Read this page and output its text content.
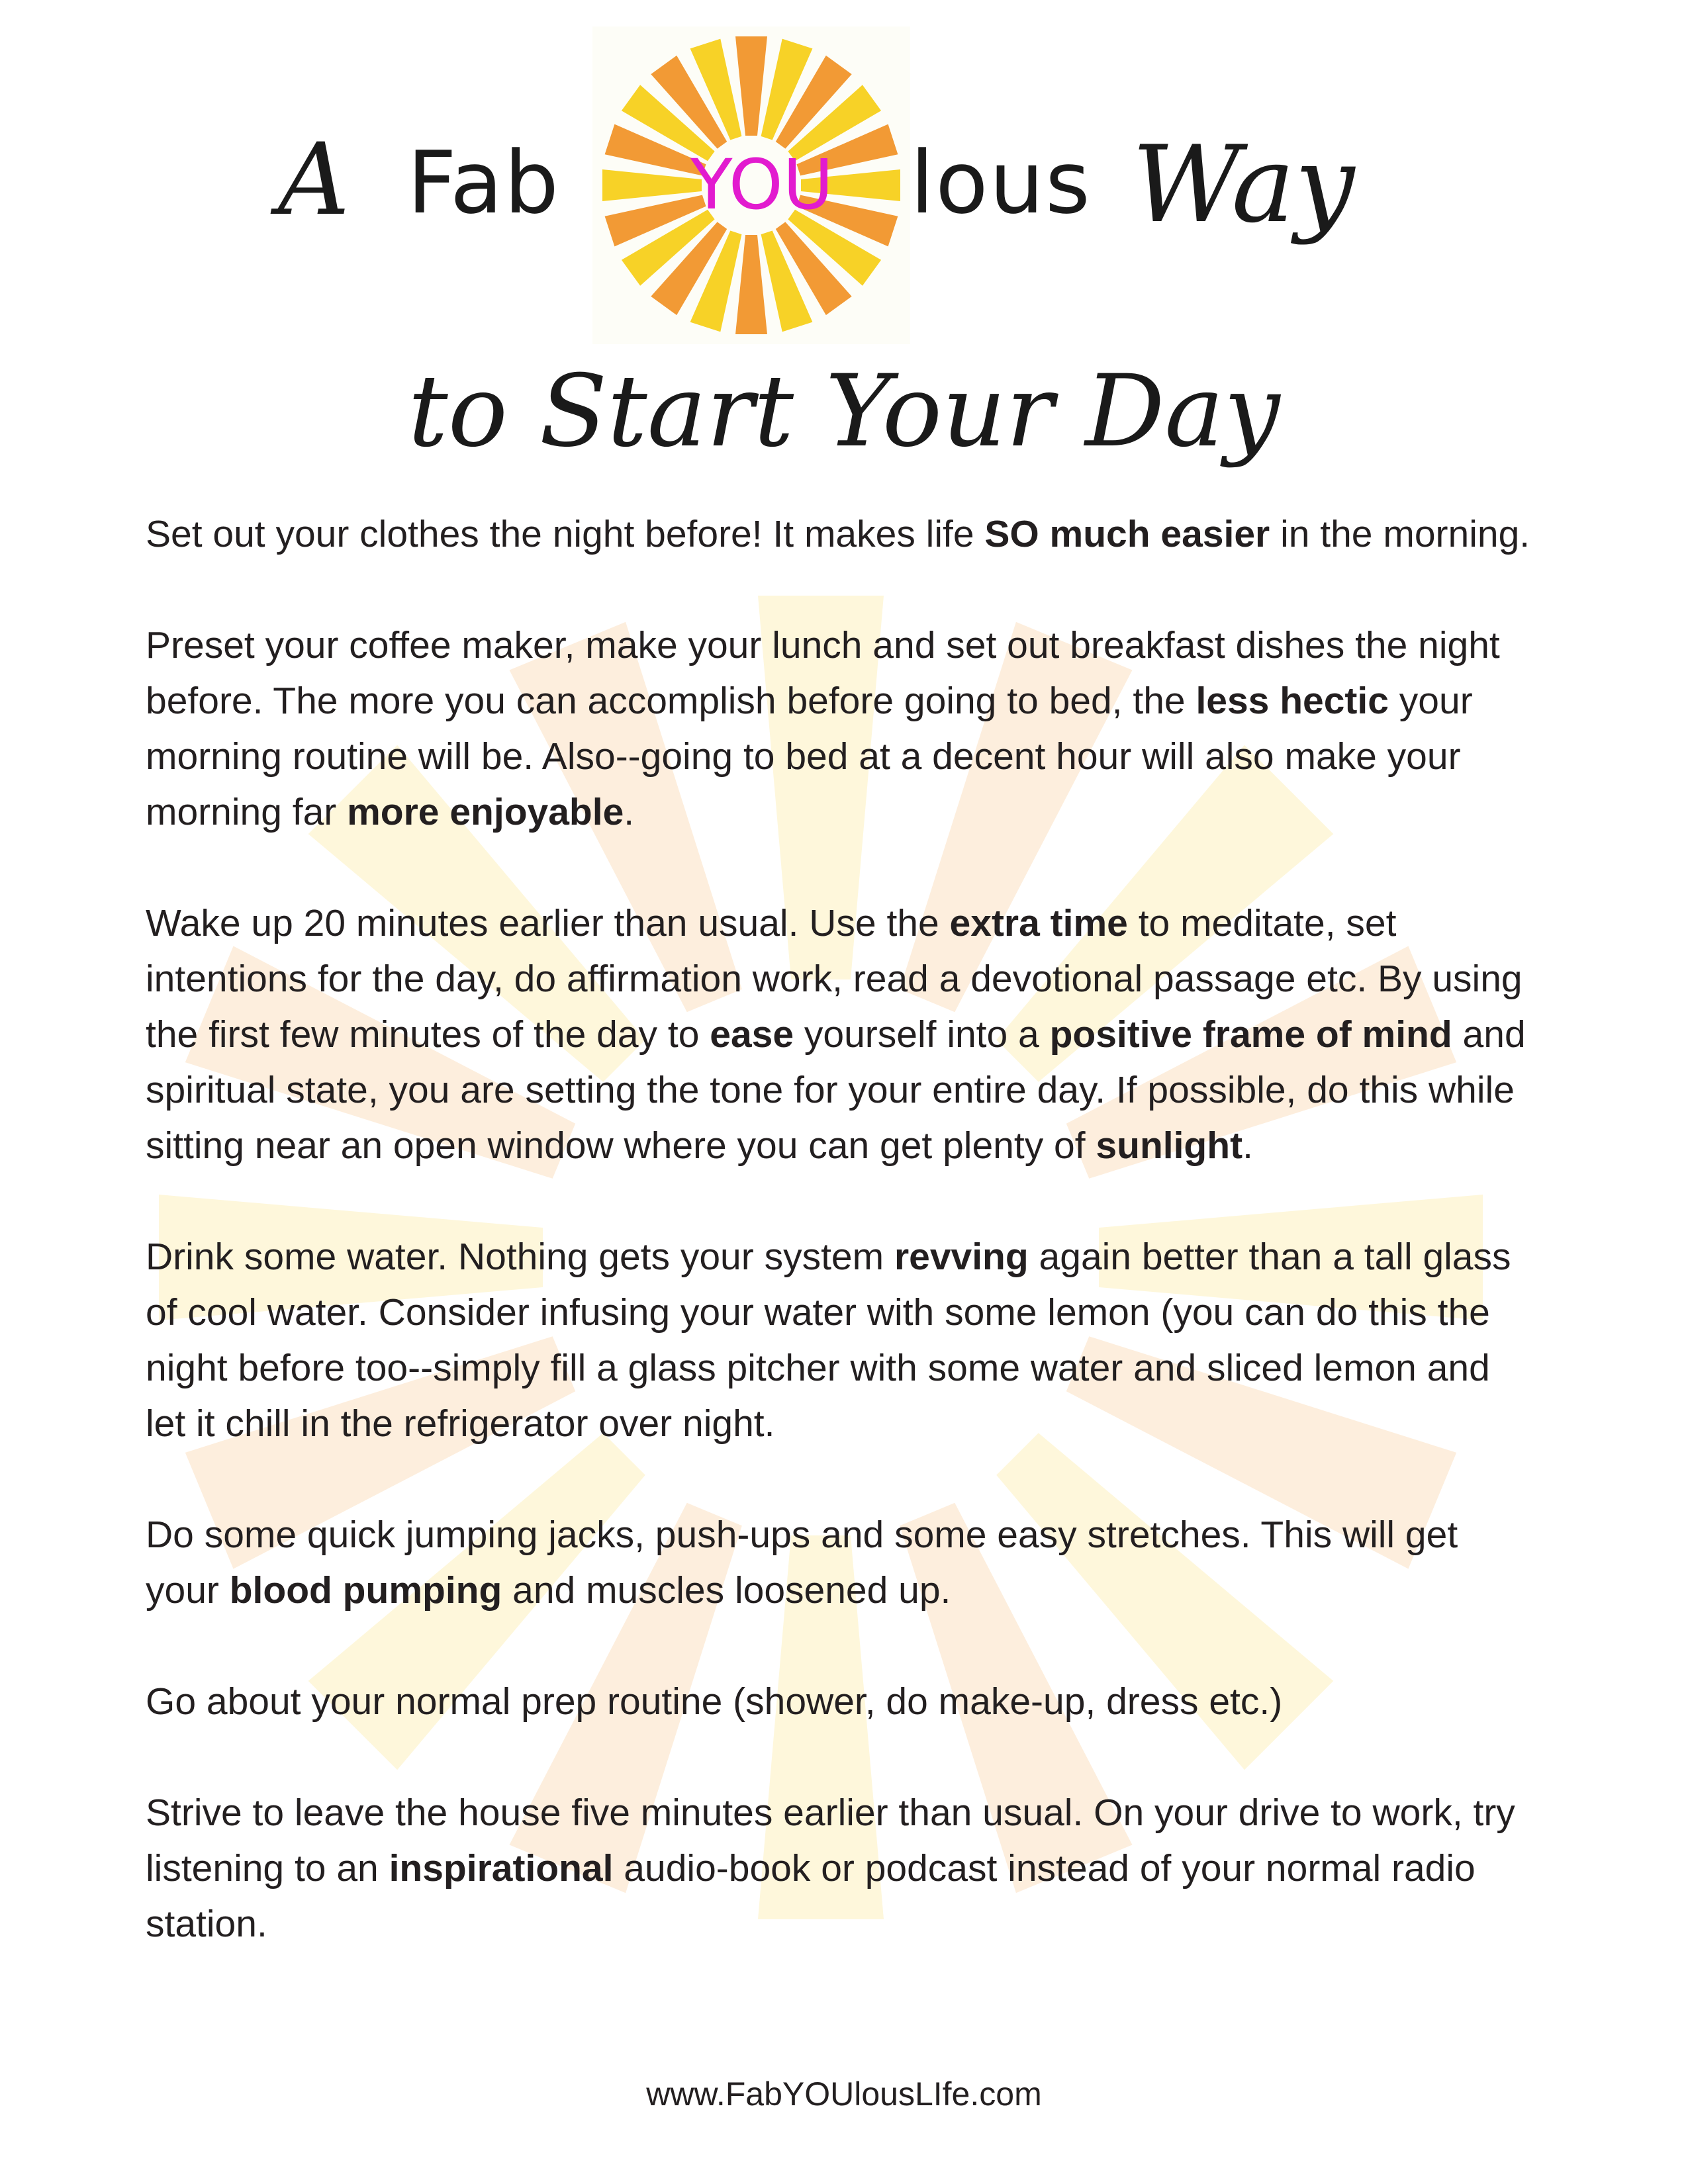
A Fab YOU lous Way
to Start Your Day

Set out your clothes the night before! It makes life SO much easier in the morning.

Preset your coffee maker, make your lunch and set out breakfast dishes the night before. The more you can accomplish before going to bed, the less hectic your morning routine will be. Also--going to bed at a decent hour will also make your morning far more enjoyable.

Wake up 20 minutes earlier than usual. Use the extra time to meditate, set intentions for the day, do affirmation work, read a devotional passage etc. By using the first few minutes of the day to ease yourself into a positive frame of mind and spiritual state, you are setting the tone for your entire day. If possible, do this while sitting near an open window where you can get plenty of sunlight.

Drink some water. Nothing gets your system revving again better than a tall glass of cool water. Consider infusing your water with some lemon (you can do this the night before too--simply fill a glass pitcher with some water and sliced lemon and let it chill in the refrigerator over night.

Do some quick jumping jacks, push-ups and some easy stretches. This will get your blood pumping and muscles loosened up.

Go about your normal prep routine (shower, do make-up, dress etc.)

Strive to leave the house five minutes earlier than usual. On your drive to work, try listening to an inspirational audio-book or podcast instead of your normal radio station.

www.FabYOUlousLIfe.com
